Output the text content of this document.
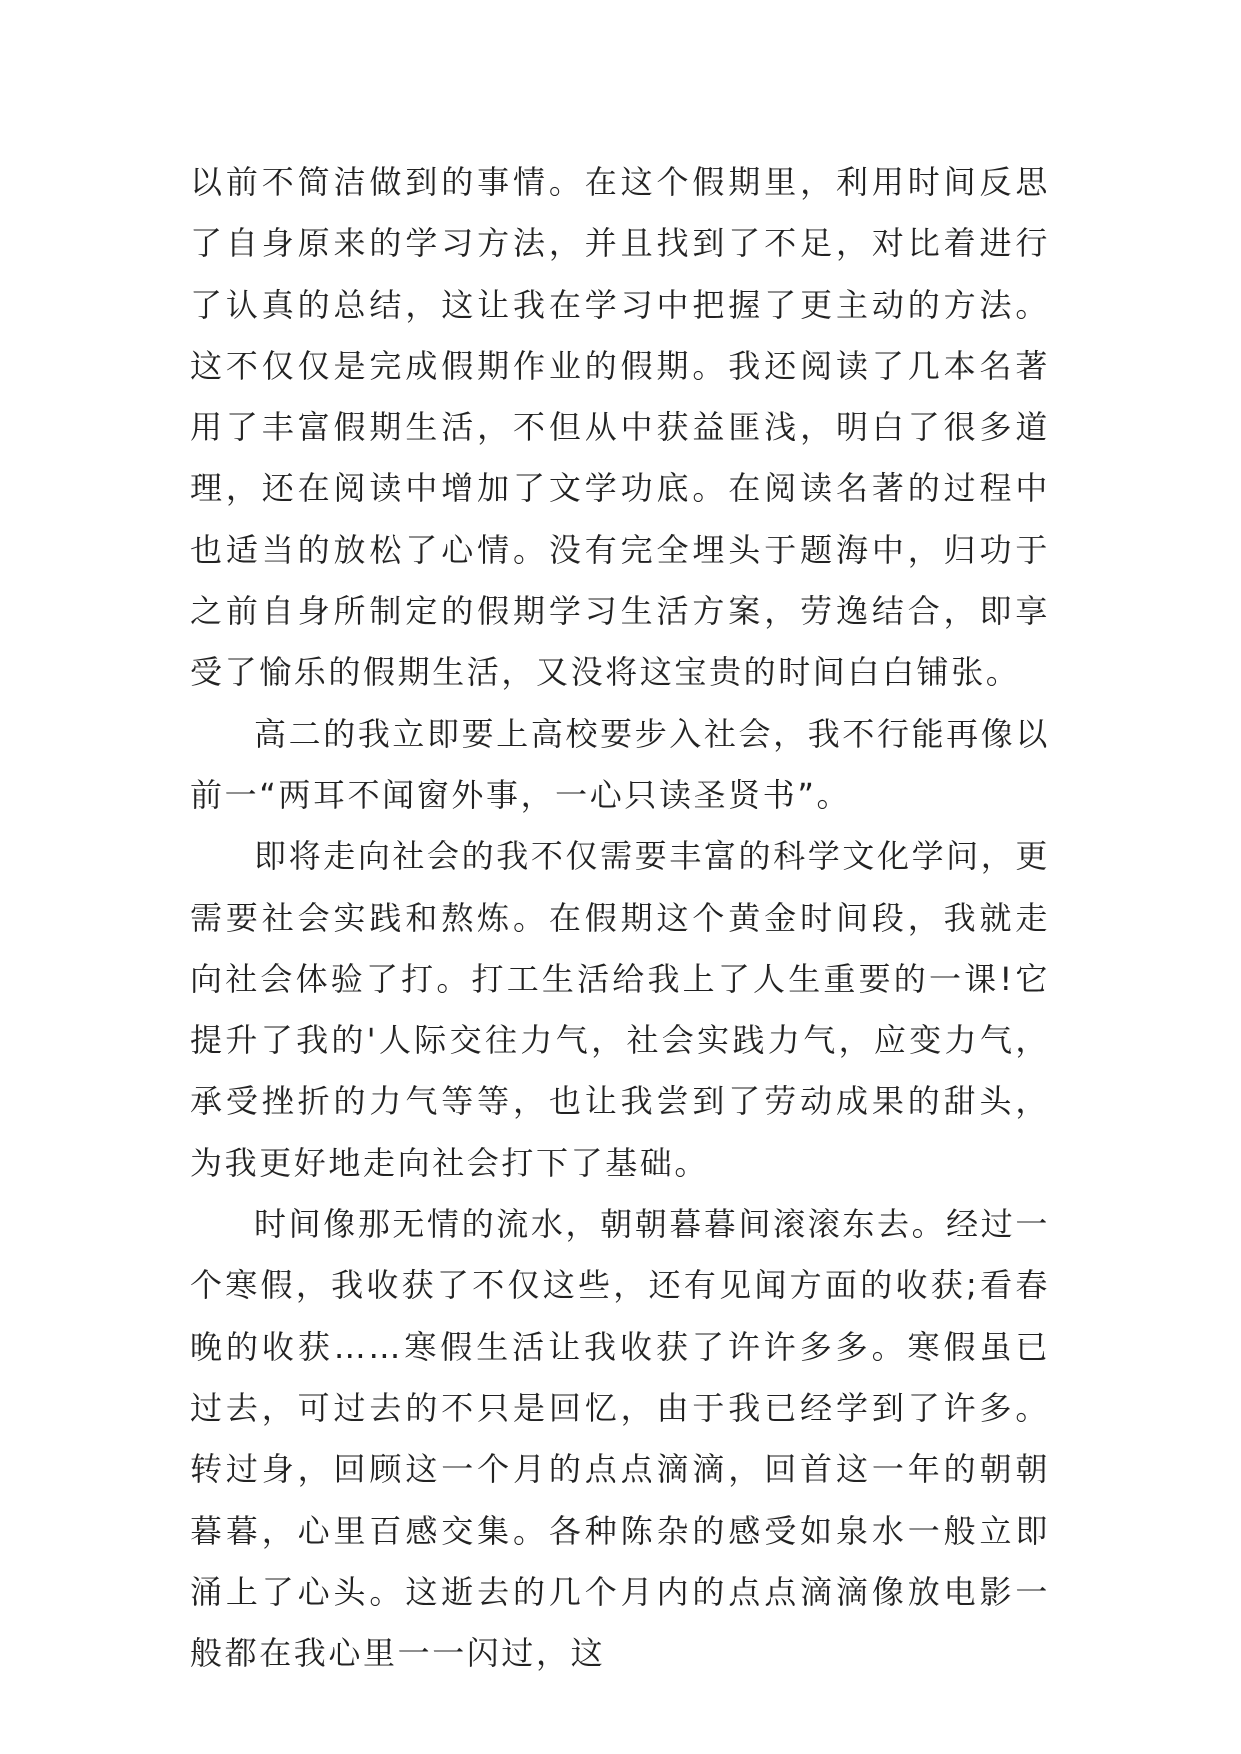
以前不简洁做到的事情。在这个假期里，利用时间反思了自身原来的学习方法，并且找到了不足，对比着进行了认真的总结，这让我在学习中把握了更主动的方法。这不仅仅是完成假期作业的假期。我还阅读了几本名著用了丰富假期生活，不但从中获益匪浅，明白了很多道理，还在阅读中增加了文学功底。在阅读名著的过程中也适当的放松了心情。没有完全埋头于题海中，归功于之前自身所制定的假期学习生活方案，劳逸结合，即享受了愉乐的假期生活，又没将这宝贵的时间白白铺张。

高二的我立即要上高校要步入社会，我不行能再像以前一“两耳不闻窗外事，一心只读圣贤书”。

即将走向社会的我不仅需要丰富的科学文化学问，更需要社会实践和熬炼。在假期这个黄金时间段，我就走向社会体验了打。打工生活给我上了人生重要的一课!它提升了我的'人际交往力气，社会实践力气，应变力气，承受挫折的力气等等，也让我尝到了劳动成果的甜头，为我更好地走向社会打下了基础。

时间像那无情的流水，朝朝暮暮间滚滚东去。经过一个寒假，我收获了不仅这些，还有见闻方面的收获;看春晚的收获……寒假生活让我收获了许许多多。寒假虽已过去，可过去的不只是回忆，由于我已经学到了许多。转过身，回顾这一个月的点点滴滴，回首这一年的朝朝暮暮，心里百感交集。各种陈杂的感受如泉水一般立即涌上了心头。这逝去的几个月内的点点滴滴像放电影一般都在我心里一一闪过，这
